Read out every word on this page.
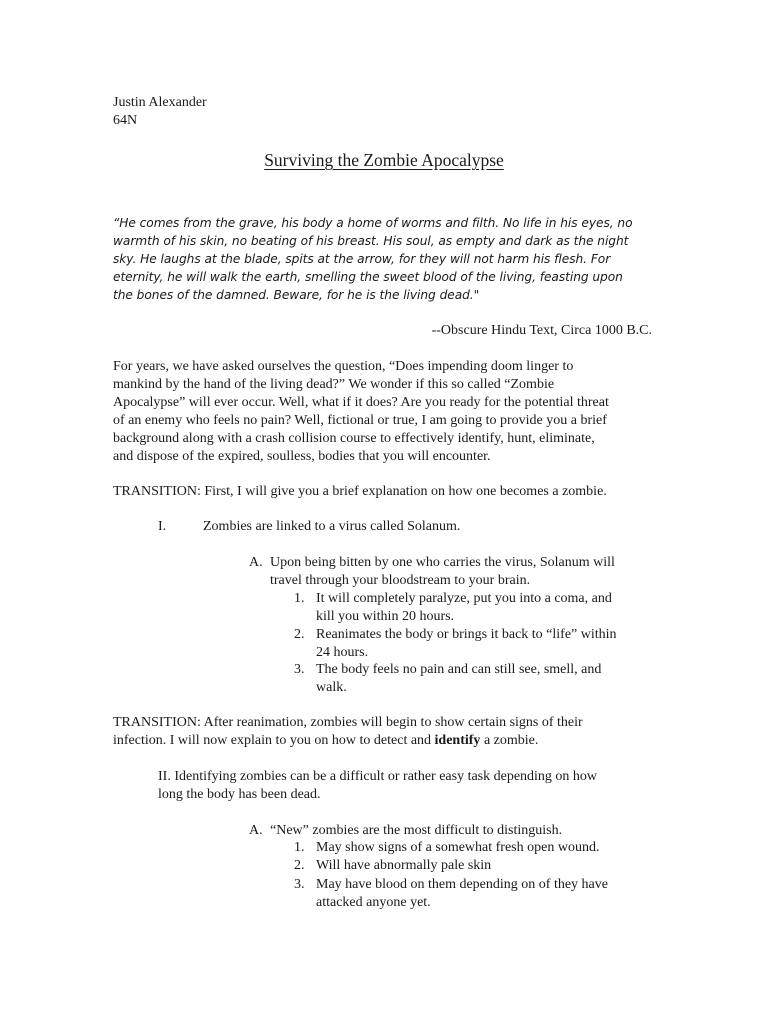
Justin Alexander
64N
Surviving the Zombie Apocalypse
“He comes from the grave, his body a home of worms and filth. No life in his eyes, no
warmth of his skin, no beating of his breast. His soul, as empty and dark as the night
sky. He laughs at the blade, spits at the arrow, for they will not harm his flesh. For
eternity, he will walk the earth, smelling the sweet blood of the living, feasting upon
the bones of the damned. Beware, for he is the living dead."
--Obscure Hindu Text, Circa 1000 B.C.
For years, we have asked ourselves the question, “Does impending doom linger to
mankind by the hand of the living dead?” We wonder if this so called “Zombie
Apocalypse” will ever occur. Well, what if it does? Are you ready for the potential threat
of an enemy who feels no pain? Well, fictional or true, I am going to provide you a brief
background along with a crash collision course to effectively identify, hunt, eliminate,
and dispose of the expired, soulless, bodies that you will encounter.
TRANSITION: First, I will give you a brief explanation on how one becomes a zombie.
I.	Zombies are linked to a virus called Solanum.
A. Upon being bitten by one who carries the virus, Solanum will
travel through your bloodstream to your brain.
1. It will completely paralyze, put you into a coma, and
kill you within 20 hours.
2. Reanimates the body or brings it back to “life” within
24 hours.
3. The body feels no pain and can still see, smell, and
walk.
TRANSITION: After reanimation, zombies will begin to show certain signs of their
infection. I will now explain to you on how to detect and identify a zombie.
II. Identifying zombies can be a difficult or rather easy task depending on how
long the body has been dead.
A. “New” zombies are the most difficult to distinguish.
1. May show signs of a somewhat fresh open wound.
2. Will have abnormally pale skin
3. May have blood on them depending on of they have
attacked anyone yet.
